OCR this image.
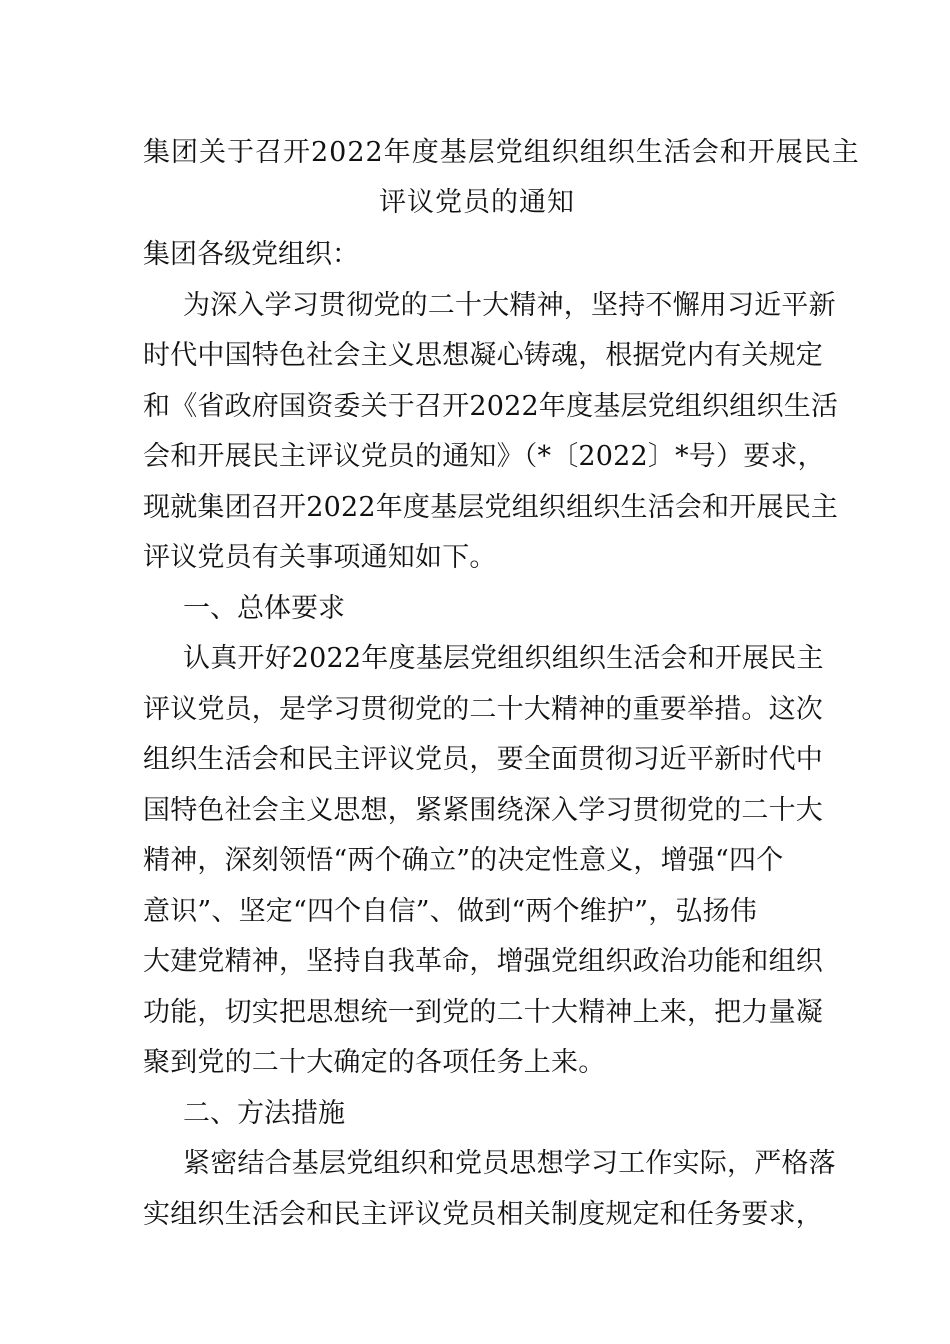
集团关于召开2022年度基层党组织组织生活会和开展民主
评议党员的通知
集团各级党组织：
为深入学习贯彻党的二十大精神，坚持不懈用习近平新
时代中国特色社会主义思想凝心铸魂，根据党内有关规定
和《省政府国资委关于召开2022年度基层党组织组织生活
会和开展民主评议党员的通知》（*〔2022〕*号）要求，
现就集团召开2022年度基层党组织组织生活会和开展民主
评议党员有关事项通知如下。
一、总体要求
认真开好2022年度基层党组织组织生活会和开展民主
评议党员，是学习贯彻党的二十大精神的重要举措。这次
组织生活会和民主评议党员，要全面贯彻习近平新时代中
国特色社会主义思想，紧紧围绕深入学习贯彻党的二十大
精神，深刻领悟“两个确立”的决定性意义，增强“四个
意识”、坚定“四个自信”、做到“两个维护”，弘扬伟
大建党精神，坚持自我革命，增强党组织政治功能和组织
功能，切实把思想统一到党的二十大精神上来，把力量凝
聚到党的二十大确定的各项任务上来。
二、方法措施
紧密结合基层党组织和党员思想学习工作实际，严格落
实组织生活会和民主评议党员相关制度规定和任务要求，
